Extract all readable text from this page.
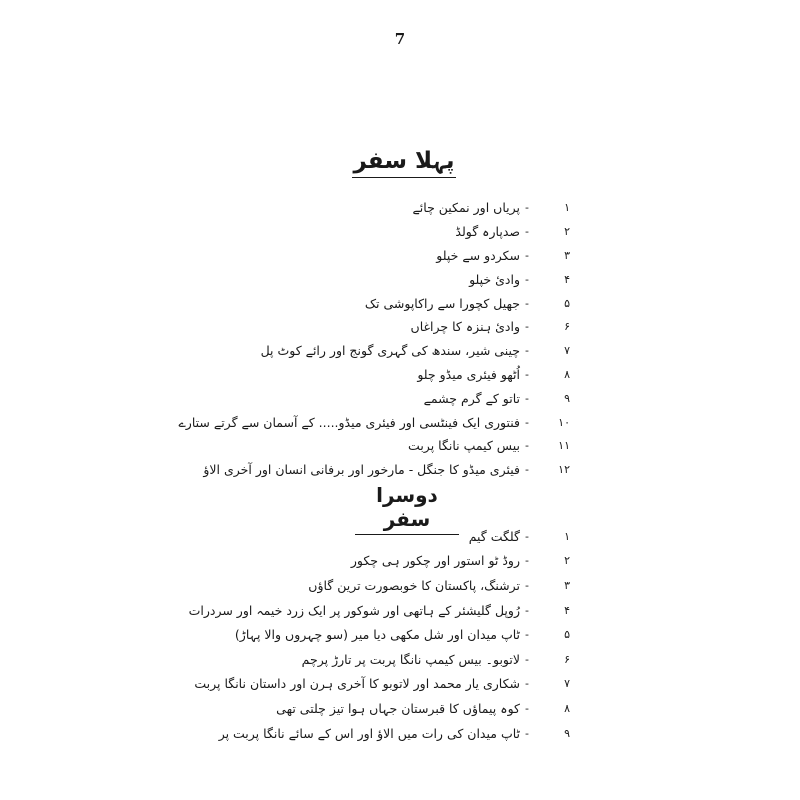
7
پہلا سفر
۱
-
پریاں اور نمکین چائے
۲
-
صدپارہ گولڈ
۳
-
سکردو سے خپلو
۴
-
وادیٔ خپلو
۵
-
جھیل کچورا سے راکاپوشی تک
۶
-
وادیٔ ہنزہ کا چراغاں
۷
-
چینی شیر، سندھ کی گہری گونج اور رائے کوٹ پل
۸
-
اُٹھو فیئری میڈو چلو
۹
-
تاتو کے گرم چشمے
۱۰
-
فنتوری ایک فینٹسی اور فیئری میڈو..... کے آسمان سے گرتے ستارے
۱۱
-
بیس کیمپ نانگا پربت
۱۲
-
فیئری میڈو کا جنگل - مارخور اور برفانی انسان اور آخری الاؤ
دوسرا سفر
۱
-
گلگت گیم
۲
-
روڈ ٹو استور اور چکور ہی چکور
۳
-
ترشنگ، پاکستان کا خوبصورت ترین گاؤں
۴
-
رُوپل گلیشئر کے ہاتھی اور شوکور پر ایک زرد خیمہ اور سردرات
۵
-
ٹاپ میدان اور شل مکھی دیا میر (سو چہروں والا پہاڑ)
۶
-
لاتوبو۔ بیس کیمپ نانگا پربت پر تارڑ پرچم
۷
-
شکاری یار محمد اور لاتوبو کا آخری ہرن اور داستان نانگا پربت
۸
-
کوہ پیماؤں کا قبرستان جہاں ہوا تیز چلتی تھی
۹
-
ٹاپ میدان کی رات میں الاؤ اور اس کے سائے نانگا پربت پر
